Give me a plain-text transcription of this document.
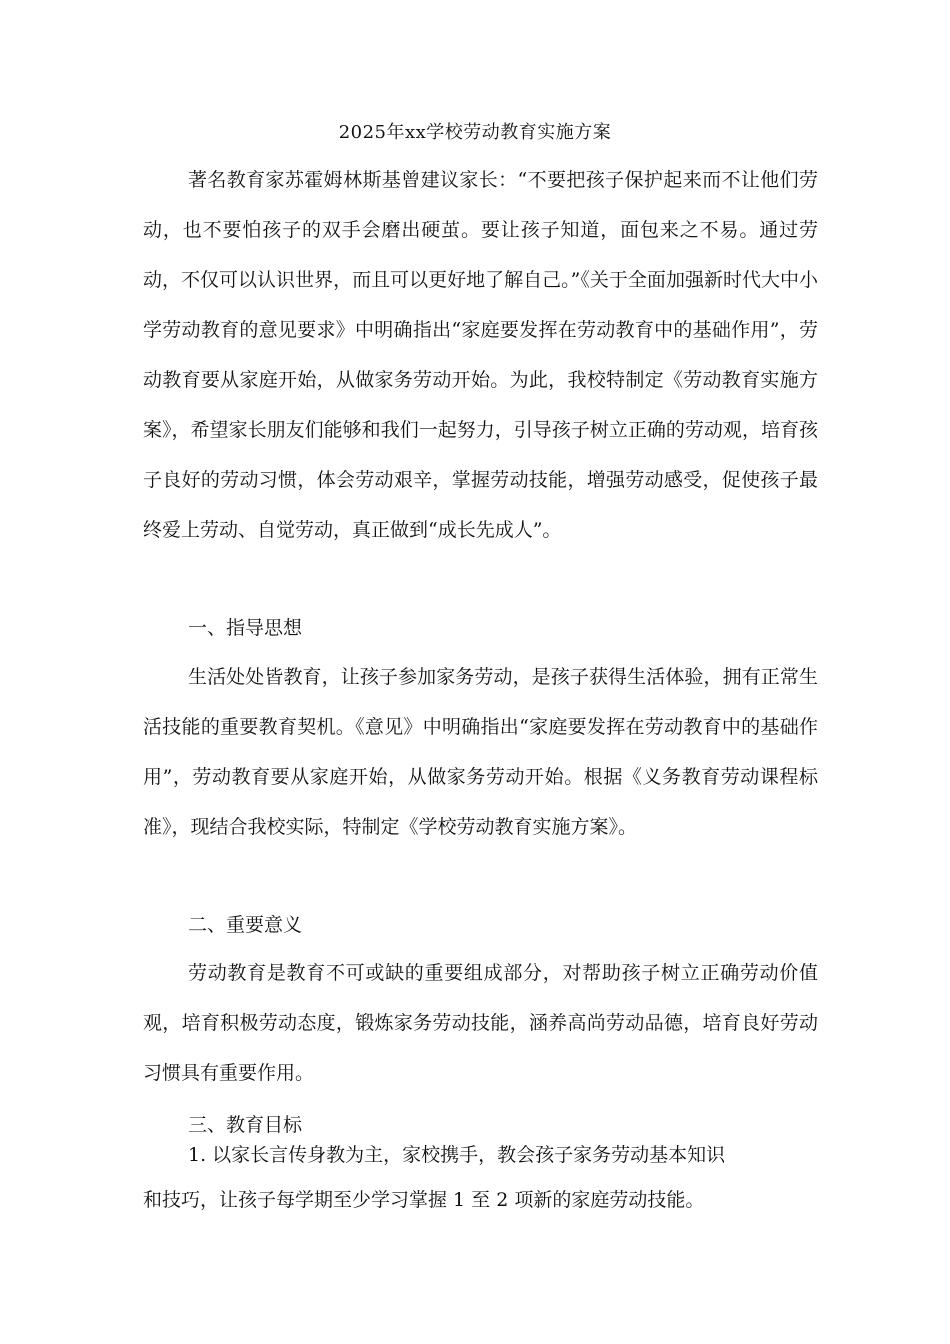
2025年xx学校劳动教育实施方案

著名教育家苏霍姆林斯基曾建议家长：“不要把孩子保护起来而不让他们劳动，也不要怕孩子的双手会磨出硬茧。要让孩子知道，面包来之不易。通过劳动，不仅可以认识世界，而且可以更好地了解自己。”《关于全面加强新时代大中小学劳动教育的意见要求》中明确指出“家庭要发挥在劳动教育中的基础作用”，劳动教育要从家庭开始，从做家务劳动开始。为此，我校特制定《劳动教育实施方案》，希望家长朋友们能够和我们一起努力，引导孩子树立正确的劳动观，培育孩子良好的劳动习惯，体会劳动艰辛，掌握劳动技能，增强劳动感受，促使孩子最终爱上劳动、自觉劳动，真正做到“成长先成人”。

一、指导思想

生活处处皆教育，让孩子参加家务劳动，是孩子获得生活体验，拥有正常生活技能的重要教育契机。《意见》中明确指出“家庭要发挥在劳动教育中的基础作用”，劳动教育要从家庭开始，从做家务劳动开始。根据《义务教育劳动课程标准》，现结合我校实际，特制定《学校劳动教育实施方案》。

二、重要意义

劳动教育是教育不可或缺的重要组成部分，对帮助孩子树立正确劳动价值观，培育积极劳动态度，锻炼家务劳动技能，涵养高尚劳动品德，培育良好劳动习惯具有重要作用。

三、教育目标

1. 以家长言传身教为主，家校携手，教会孩子家务劳动基本知识

和技巧，让孩子每学期至少学习掌握 1 至 2 项新的家庭劳动技能。
